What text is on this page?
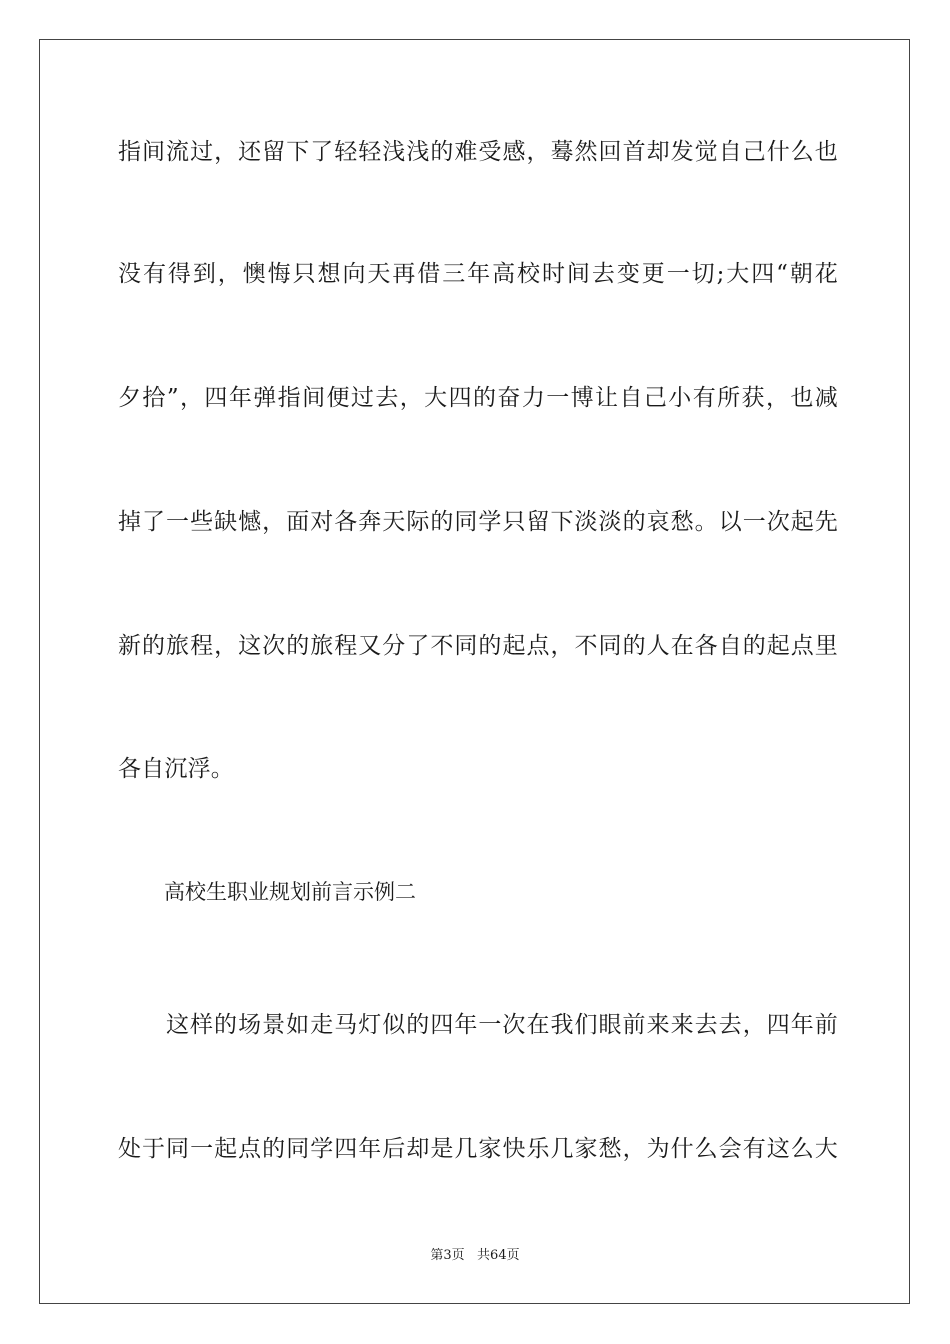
指间流过，还留下了轻轻浅浅的难受感，蓦然回首却发觉自己什么也
没有得到，懊悔只想向天再借三年高校时间去变更一切;大四“朝花
夕拾”，四年弹指间便过去，大四的奋力一博让自己小有所获，也减
掉了一些缺憾，面对各奔天际的同学只留下淡淡的哀愁。以一次起先
新的旅程，这次的旅程又分了不同的起点，不同的人在各自的起点里
各自沉浮。
高校生职业规划前言示例二
这样的场景如走马灯似的四年一次在我们眼前来来去去，四年前
处于同一起点的同学四年后却是几家快乐几家愁，为什么会有这么大
第3页   共64页
